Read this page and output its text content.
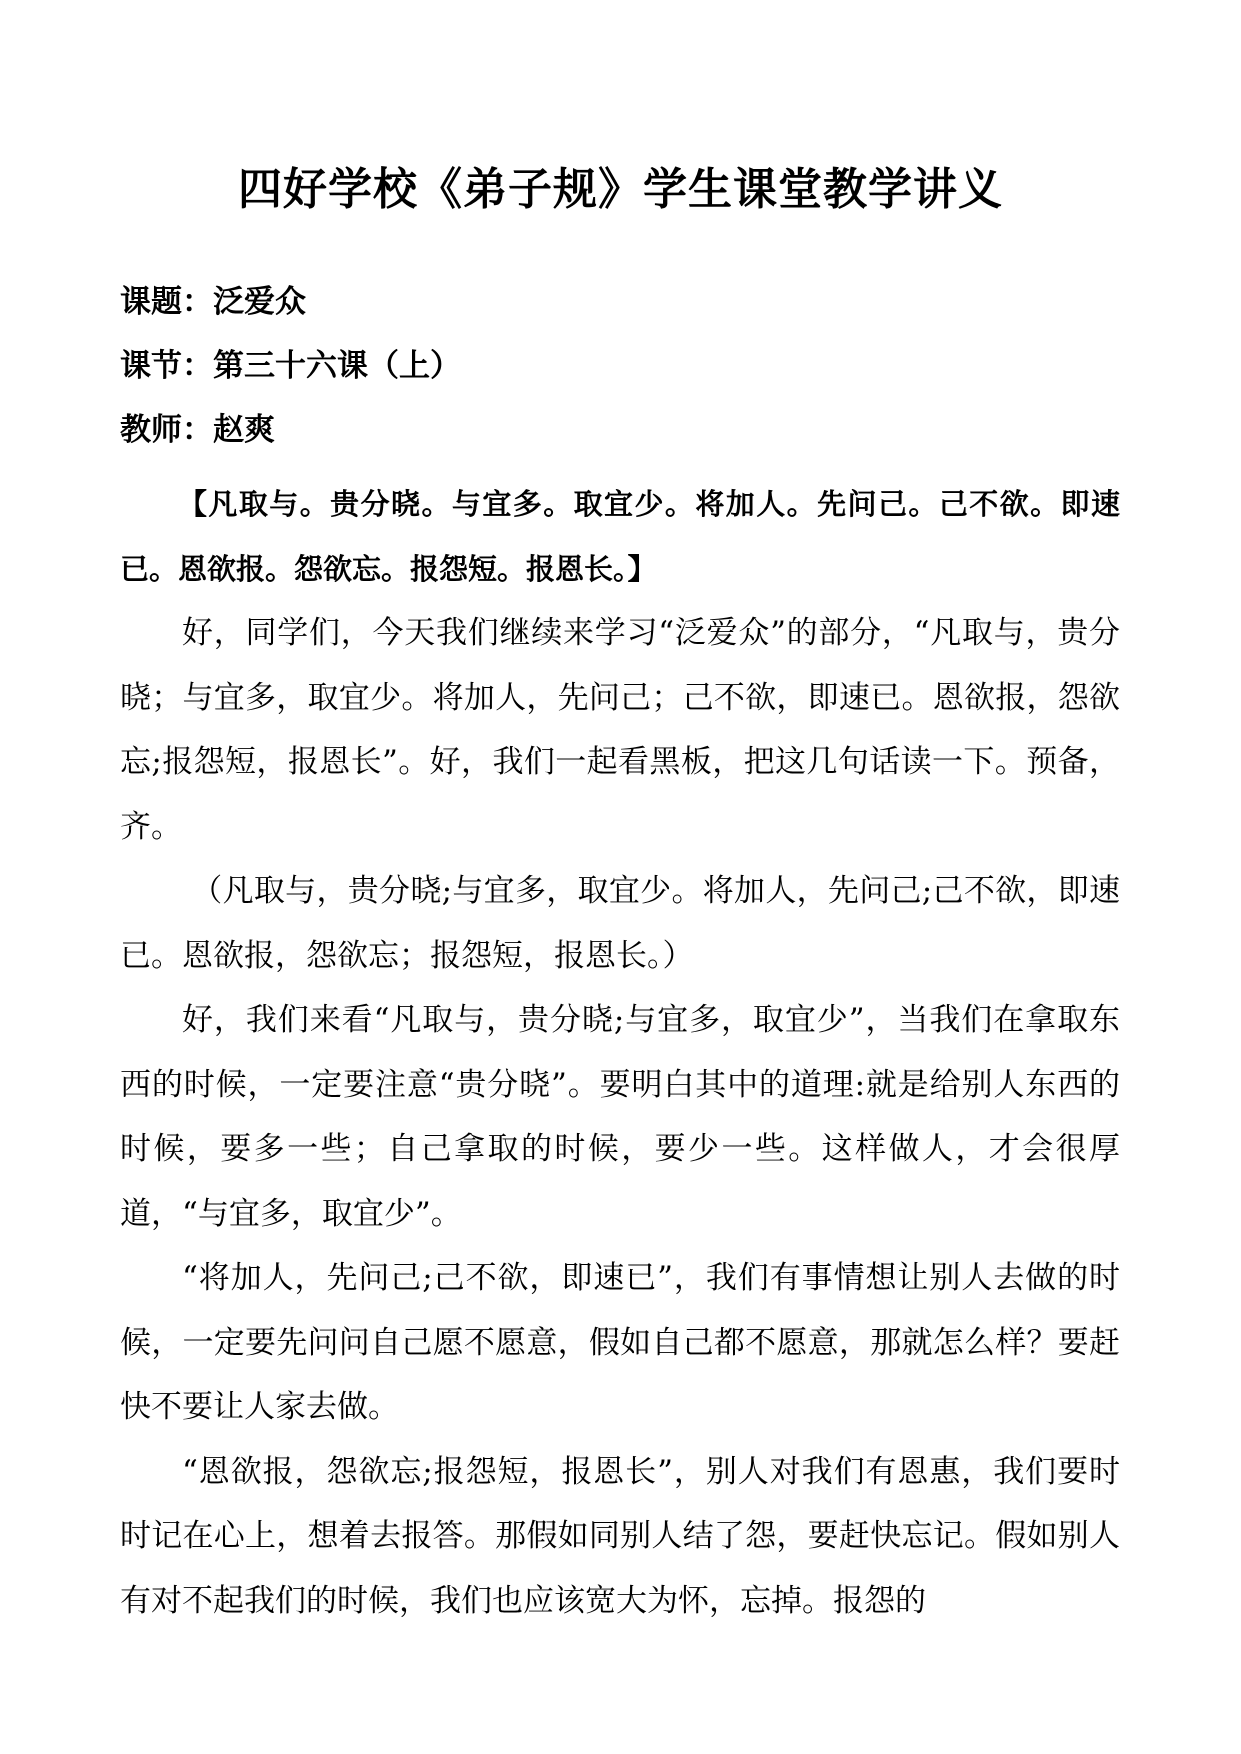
四好学校《弟子规》学生课堂教学讲义
课题：泛爱众
课节：第三十六课（上）
教师：赵爽

【凡取与。贵分晓。与宜多。取宜少。将加人。先问己。己不欲。即速已。恩欲报。怨欲忘。报怨短。报恩长。】

好，同学们，今天我们继续来学习“泛爱众”的部分，“凡取与，贵分晓；与宜多，取宜少。将加人，先问己；己不欲，即速已。恩欲报，怨欲忘;报怨短，报恩长”。好，我们一起看黑板，把这几句话读一下。预备，齐。

（凡取与，贵分晓;与宜多，取宜少。将加人，先问己;己不欲，即速已。恩欲报，怨欲忘；报怨短，报恩长。）

好，我们来看“凡取与，贵分晓;与宜多，取宜少”，当我们在拿取东西的时候，一定要注意“贵分晓”。要明白其中的道理:就是给别人东西的时候，要多一些；自己拿取的时候，要少一些。这样做人，才会很厚道，“与宜多，取宜少”。

“将加人，先问己;己不欲，即速已”，我们有事情想让别人去做的时候，一定要先问问自己愿不愿意，假如自己都不愿意，那就怎么样？要赶快不要让人家去做。

“恩欲报，怨欲忘;报怨短，报恩长”，别人对我们有恩惠，我们要时时记在心上，想着去报答。那假如同别人结了怨，要赶快忘记。假如别人有对不起我们的时候，我们也应该宽大为怀，忘掉。报怨的
